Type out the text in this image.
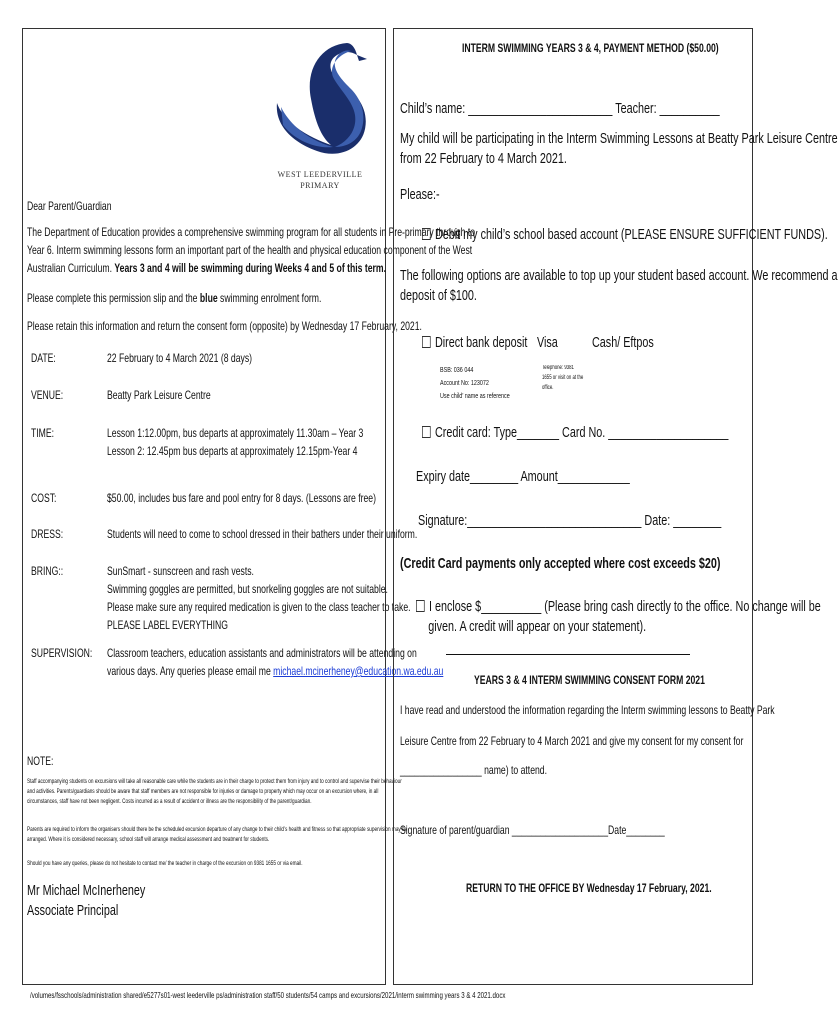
WEST LEEDERVILLE
PRIMARY
Dear Parent/Guardian
The Department of Education provides a comprehensive swimming program for all students in Pre-primary through to
Year 6. Interm swimming lessons form an important part of the health and physical education component of the West
Australian Curriculum. Years 3 and 4 will be swimming during Weeks 4 and 5 of this term.
Please complete this permission slip and the blue swimming enrolment form.
Please retain this information and return the consent form (opposite) by Wednesday 17 February, 2021.
DATE:	22 February to 4 March 2021 (8 days)
VENUE:	Beatty Park Leisure Centre
TIME:	Lesson 1:12.00pm, bus departs at approximately 11.30am – Year 3
Lesson 2: 12.45pm bus departs at approximately 12.15pm-Year 4
COST:	$50.00, includes bus fare and pool entry for 8 days. (Lessons are free)
DRESS:	Students will need to come to school dressed in their bathers under their uniform.
BRING::	SunSmart - sunscreen and rash vests.
Swimming goggles are permitted, but snorkeling goggles are not suitable.
Please make sure any required medication is given to the class teacher to take.
PLEASE LABEL EVERYTHING
SUPERVISION: Classroom teachers, education assistants and administrators will be attending on
various days. Any queries please email me michael.mcinerheney@education.wa.edu.au
NOTE:
Staff accompanying students on excursions will take all reasonable care while the students are in their charge to protect them from injury and to control and supervise their behaviour
and activities. Parents/guardians should be aware that staff members are not responsible for injuries or damage to property which may occur on an excursion where, in all
circumstances, staff have not been negligent. Costs incurred as a result of accident or illness are the responsibility of the parent/guardian.
Parents are required to inform the organisers should there be the scheduled excursion departure of any change to their child’s health and fitness so that appropriate supervision may be
arranged. Where it is considered necessary, school staff will arrange medical assessment and treatment for students.
Should you have any queries, please do not hesitate to contact me/ the teacher in charge of the excursion on 9381 1655 or via email.
Mr Michael McInerheney
Associate Principal
INTERM SWIMMING YEARS 3 & 4, PAYMENT METHOD ($50.00)
Child’s name: ________________________ Teacher: __________
My child will be participating in the Interm Swimming Lessons at Beatty Park Leisure Centre
from 22 February to 4 March 2021.
Please:-
Debit my child’s school based account (PLEASE ENSURE SUFFICIENT FUNDS).
The following options are available to top up your student based account. We recommend a
deposit of $100.
Direct bank deposit Visa Cash/ Eftpos
BSB: 036 044
Account No: 123072
Use child’ name as reference
Telephone: 9381
1655 or visit on at the
office.
Credit card: Type_______ Card No. ____________________
Expiry date________ Amount____________
Signature:_____________________________ Date: ________
(Credit Card payments only accepted where cost exceeds $20)
I enclose $__________ (Please bring cash directly to the office. No change will be
given. A credit will appear on your statement).
YEARS 3 & 4 INTERM SWIMMING CONSENT FORM 2021
I have read and understood the information regarding the Interm swimming lessons to Beatty Park
Leisure Centre from 22 February to 4 March 2021 and give my consent for my consent for
_________________ name) to attend.
Signature of parent/guardian ____________________Date________
RETURN TO THE OFFICE BY Wednesday 17 February, 2021.
/volumes/fsschools/administration shared/e5277s01-west leederville ps/administration staff/50 students/54 camps and excursions/2021/interm swimming years 3 & 4 2021.docx
